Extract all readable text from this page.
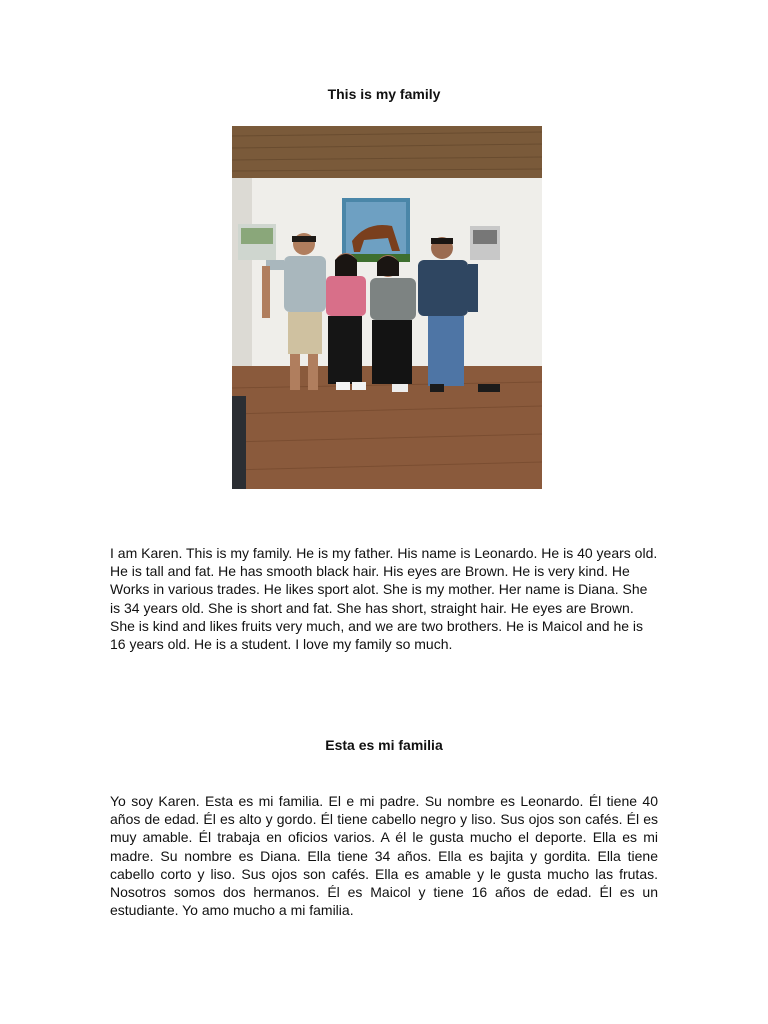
This is my family

I am Karen. This is my family. He is my father. His name is Leonardo. He is 40 years old. He is tall and fat. He has smooth black hair. His eyes are Brown. He is very kind. He Works in various trades. He likes sport alot. She is my mother. Her name is Diana. She is 34 years old. She is short and fat. She has short, straight hair. He eyes are Brown. She is kind and likes fruits very much, and we are two brothers. He is Maicol and he is 16 years old. He is a student. I love my family so much.

Esta es mi familia

Yo soy Karen. Esta es mi familia. El e mi padre. Su nombre es Leonardo. Él tiene 40 años de edad. Él es alto y gordo. Él tiene cabello negro y liso. Sus ojos son cafés. Él es muy amable. Él trabaja en oficios varios. A él le gusta mucho el deporte. Ella es mi madre. Su nombre es Diana. Ella tiene 34 años. Ella es bajita y gordita. Ella tiene cabello corto y liso. Sus ojos son cafés. Ella es amable y le gusta mucho las frutas. Nosotros somos dos hermanos. Él es Maicol y tiene 16 años de edad. Él es un estudiante. Yo amo mucho a mi familia.
